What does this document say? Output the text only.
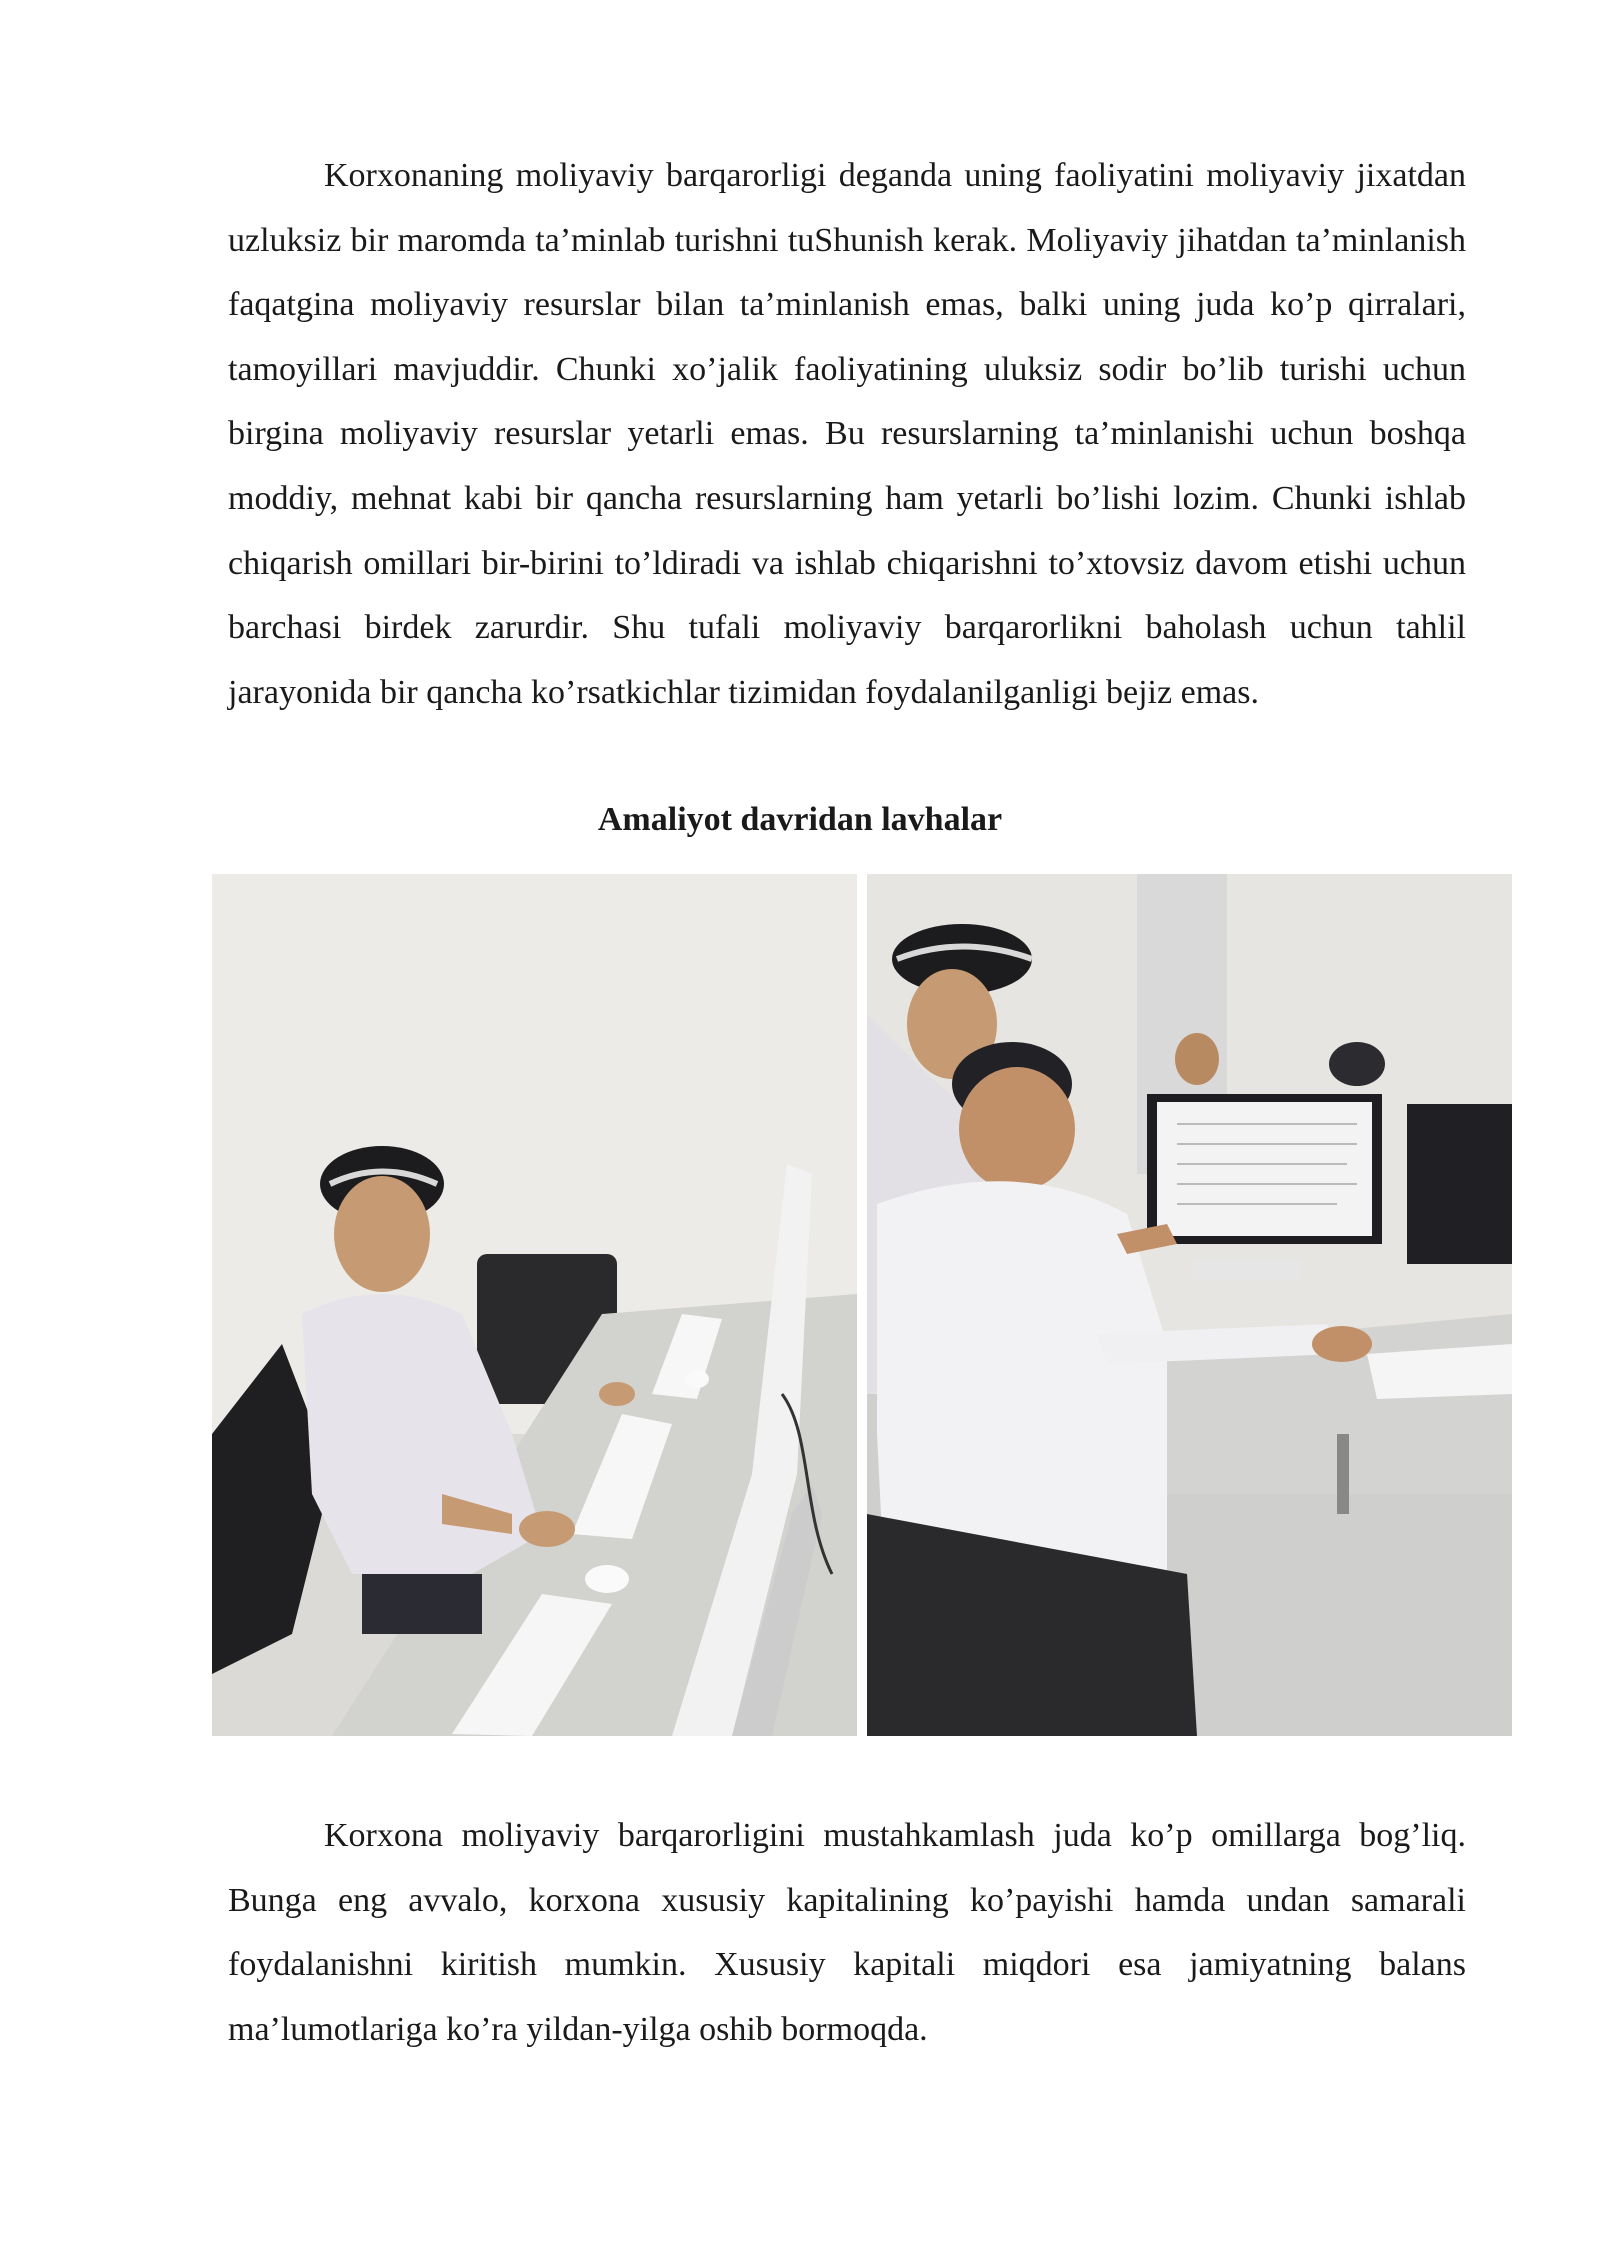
Korxonaning moliyaviy barqarorligi deganda uning faoliyatini moliyaviy jixatdan uzluksiz bir maromda ta’minlab turishni tuShunish kerak. Moliyaviy jihatdan ta’minlanish faqatgina moliyaviy resurslar bilan ta’minlanish emas, balki uning juda ko’p qirralari, tamoyillari mavjuddir. Chunki xo’jalik faoliyatining uluksiz sodir bo’lib turishi uchun birgina moliyaviy resurslar yetarli emas. Bu resurslarning ta’minlanishi uchun boshqa moddiy, mehnat kabi bir qancha resurslarning ham yetarli bo’lishi lozim. Chunki ishlab chiqarish omillari bir-birini to’ldiradi va ishlab chiqarishni to’xtovsiz davom etishi uchun barchasi birdek zarurdir. Shu tufali moliyaviy barqarorlikni baholash uchun tahlil jarayonida bir qancha ko’rsatkichlar tizimidan foydalanilganligi bejiz emas.

Amaliyot davridan lavhalar

Korxona moliyaviy barqarorligini mustahkamlash juda ko’p omillarga bog’liq. Bunga eng avvalo, korxona xususiy kapitalining ko’payishi hamda undan samarali foydalanishni kiritish mumkin. Xususiy kapitali miqdori esa jamiyatning balans ma’lumotlariga ko’ra yildan-yilga oshib bormoqda.
